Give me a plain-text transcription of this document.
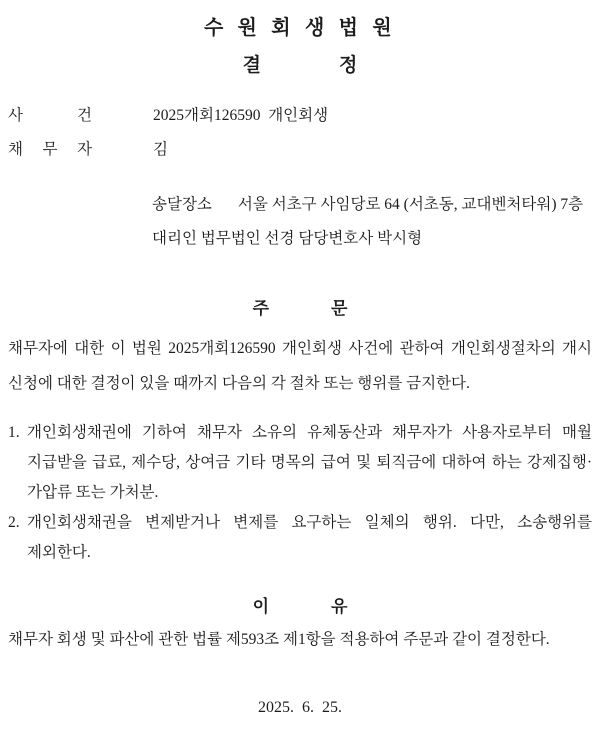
수 원 회 생 법 원
결	정
사	건	2025개회126590  개인회생
채 무 자	김
송달장소 서울 서초구 사임당로 64 (서초동, 교대벤처타워) 7층
대리인 법무법인 선경 담당변호사 박시형
주	문
채무자에 대한 이 법원 2025개회126590 개인회생 사건에 관하여 개인회생절차의 개시 신청에 대한 결정이 있을 때까지 다음의 각 절차 또는 행위를 금지한다.
1. 개인회생채권에 기하여 채무자 소유의 유체동산과 채무자가 사용자로부터 매월 지급받을 급료, 제수당, 상여금 기타 명목의 급여 및 퇴직금에 대하여 하는 강제집행·가압류 또는 가처분.
2. 개인회생채권을 변제받거나 변제를 요구하는 일체의 행위. 다만, 소송행위를 제외한다.
이	유
채무자 회생 및 파산에 관한 법률 제593조 제1항을 적용하여 주문과 같이 결정한다.
2025.  6.  25.
